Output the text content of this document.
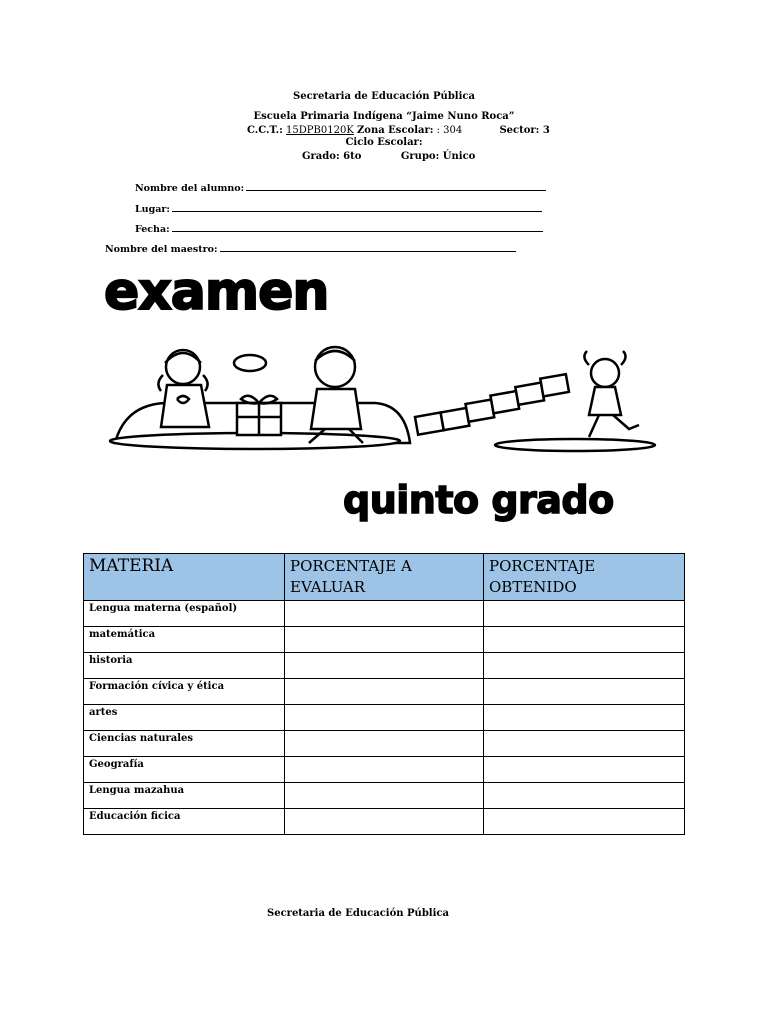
Secretaria de Educación Pública
Escuela Primaria Indígena “Jaime Nuno Roca”
C.C.T.: 15DPB0120K Zona Escolar: : 304	Sector: 3
Ciclo Escolar:
Grado: 6to	Grupo: Único
Nombre del alumno:
Lugar:
Fecha:
Nombre del maestro:
examen
quinto grado
MATERIA	PORCENTAJE A EVALUAR	PORCENTAJE OBTENIDO
Lengua materna (español)		
matemática		
historia		
Formación cívica y ética		
artes		
Ciencias naturales		
Geografía		
Lengua mazahua		
Educación ficica		
Secretaria de Educación Pública
